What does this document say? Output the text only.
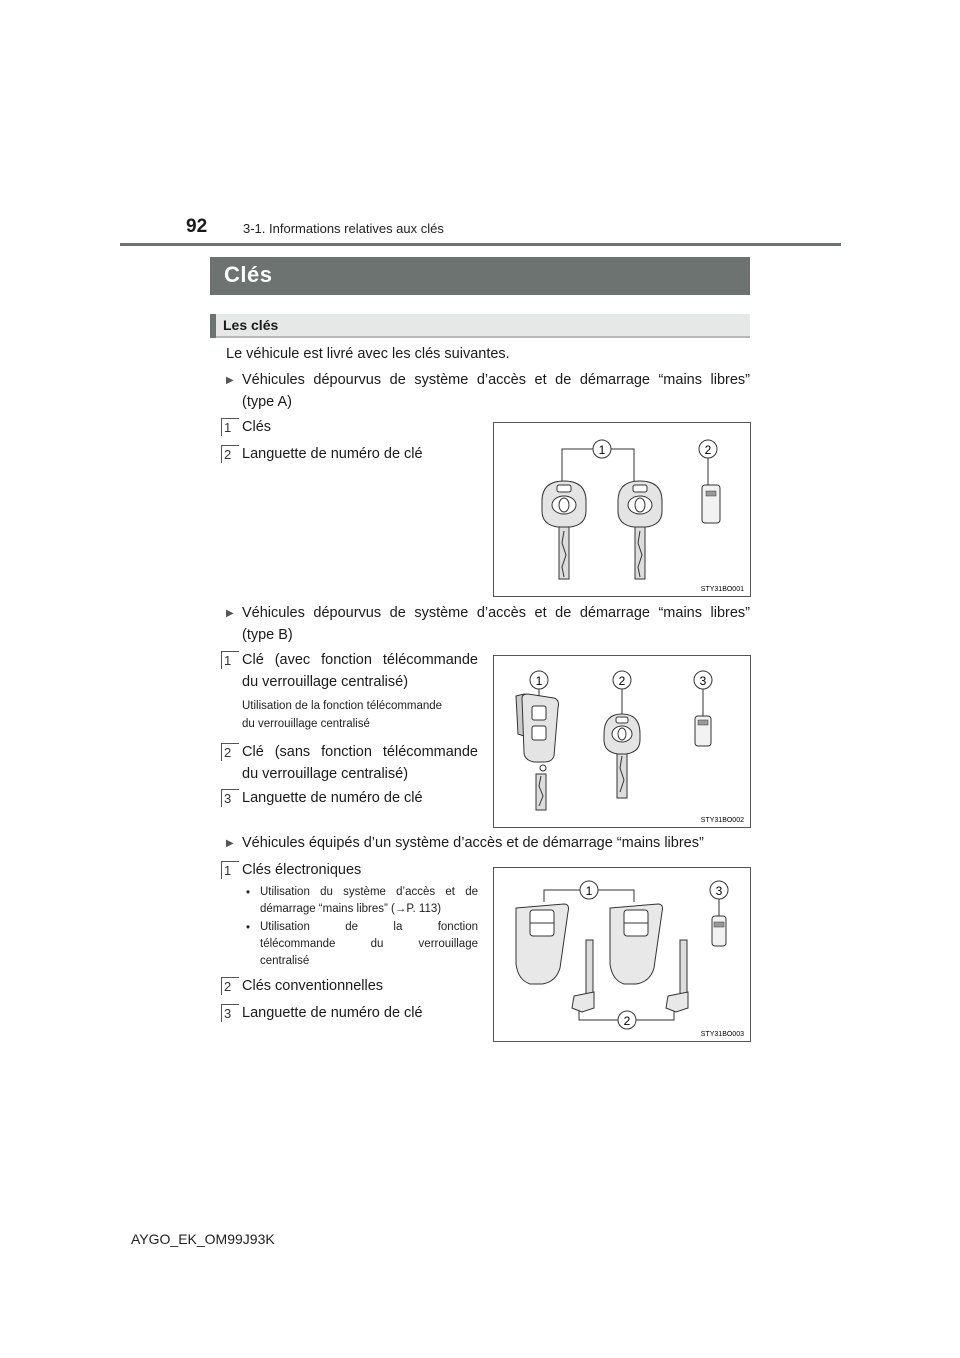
92	3-1. Informations relatives aux clés
Clés
Les clés
Le véhicule est livré avec les clés suivantes.
▶ Véhicules dépourvus de système d’accès et de démarrage “mains libres”
(type A)
1 Clés
2 Languette de numéro de clé	1	2
STY31BO001
▶ Véhicules dépourvus de système d’accès et de démarrage “mains libres”
(type B)
1 Clé (avec fonction télécommande
du verrouillage centralisé)
Utilisation de la fonction télécommande
du verrouillage centralisé
2 Clé (sans fonction télécommande
du verrouillage centralisé)
3 Languette de numéro de clé
1	2	3
STY31BO002
▶ Véhicules équipés d’un système d’accès et de démarrage “mains libres”
1 Clés électroniques
• Utilisation du système d’accès et de
démarrage “mains libres” (→P. 113)
• Utilisation de la fonction
télécommande du verrouillage
centralisé
2 Clés conventionnelles
3 Languette de numéro de clé
1	3
2
STY31BO003
AYGO_EK_OM99J93K
